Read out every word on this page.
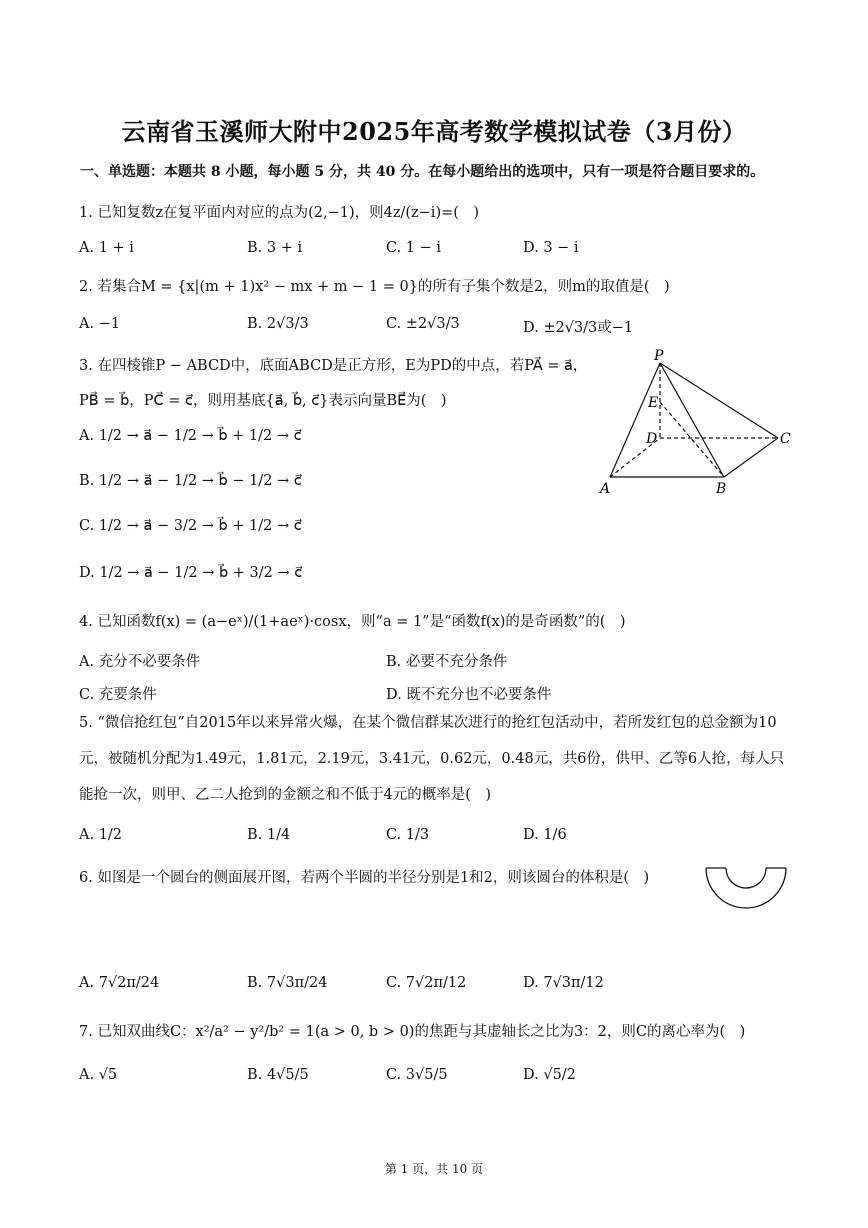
云南省玉溪师大附中2025年高考数学模拟试卷（3月份）
一、单选题：本题共 8 小题，每小题 5 分，共 40 分。在每小题给出的选项中，只有一项是符合题目要求的。
1. 已知复数z在复平面内对应的点为(2,−1)，则4z/(z−i)=(　)
A. 1 + i	B. 3 + i	C. 1 − i	D. 3 − i
2. 若集合M = {x|(m + 1)x² − mx + m − 1 = 0}的所有子集个数是2，则m的取值是(　)
A. −1	B. 2√3/3	C. ±2√3/3	D. ±2√3/3或−1
3. 在四棱锥P − ABCD中，底面ABCD是正方形，E为PD的中点，若PA⃗ = a⃗，
PB⃗ = b⃗，PC⃗ = c⃗，则用基底{a⃗, b⃗, c⃗}表示向量BE⃗为(　)
A. 1/2 → a⃗ − 1/2 → b⃗ + 1/2 → c⃗
B. 1/2 → a⃗ − 1/2 → b⃗ − 1/2 → c⃗
C. 1/2 → a⃗ − 3/2 → b⃗ + 1/2 → c⃗
D. 1/2 → a⃗ − 1/2 → b⃗ + 3/2 → c⃗
P
E
D	C
A	B
4. 已知函数f(x) = (a−eˣ)/(1+aeˣ)·cosx，则“a = 1”是“函数f(x)的是奇函数”的(　)
A. 充分不必要条件	B. 必要不充分条件
C. 充要条件	D. 既不充分也不必要条件
5. “微信抢红包”自2015年以来异常火爆，在某个微信群某次进行的抢红包活动中，若所发红包的总金额为10元，被随机分配为1.49元，1.81元，2.19元，3.41元，0.62元，0.48元，共6份，供甲、乙等6人抢，每人只能抢一次，则甲、乙二人抢到的金额之和不低于4元的概率是(　)
A. 1/2	B. 1/4	C. 1/3	D. 1/6
6. 如图是一个圆台的侧面展开图，若两个半圆的半径分别是1和2，则该圆台的体积是(　)
A. 7√2π/24	B. 7√3π/24	C. 7√2π/12	D. 7√3π/12
7. 已知双曲线C：x²/a² − y²/b² = 1(a > 0, b > 0)的焦距与其虚轴长之比为3：2，则C的离心率为(　)
A. √5	B. 4√5/5	C. 3√5/5	D. √5/2
第 1 页，共 10 页
